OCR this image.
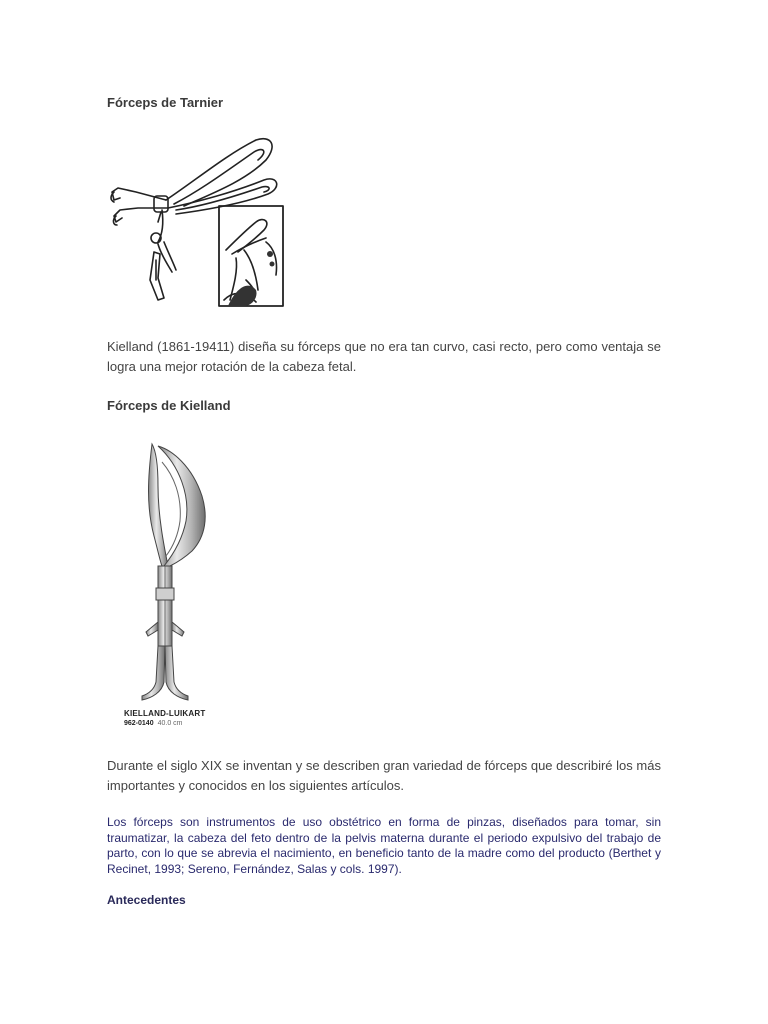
Fórceps de Tarnier

Kielland (1861-19411) diseña su fórceps que no era tan curvo, casi recto, pero como ventaja se logra una mejor rotación de la cabeza fetal.

Fórceps de Kielland
KIELLAND-LUIKART
962-0140 40.0 cm

Durante el siglo XIX se inventan y se describen gran variedad de fórceps que describiré los más importantes y conocidos en los siguientes artículos.

Los fórceps son instrumentos de uso obstétrico en forma de pinzas, diseñados para tomar, sin traumatizar, la cabeza del feto dentro de la pelvis materna durante el periodo expulsivo del trabajo de parto, con lo que se abrevia el nacimiento, en beneficio tanto de la madre como del producto (Berthet y Recinet, 1993; Sereno, Fernández, Salas y cols. 1997).

Antecedentes
